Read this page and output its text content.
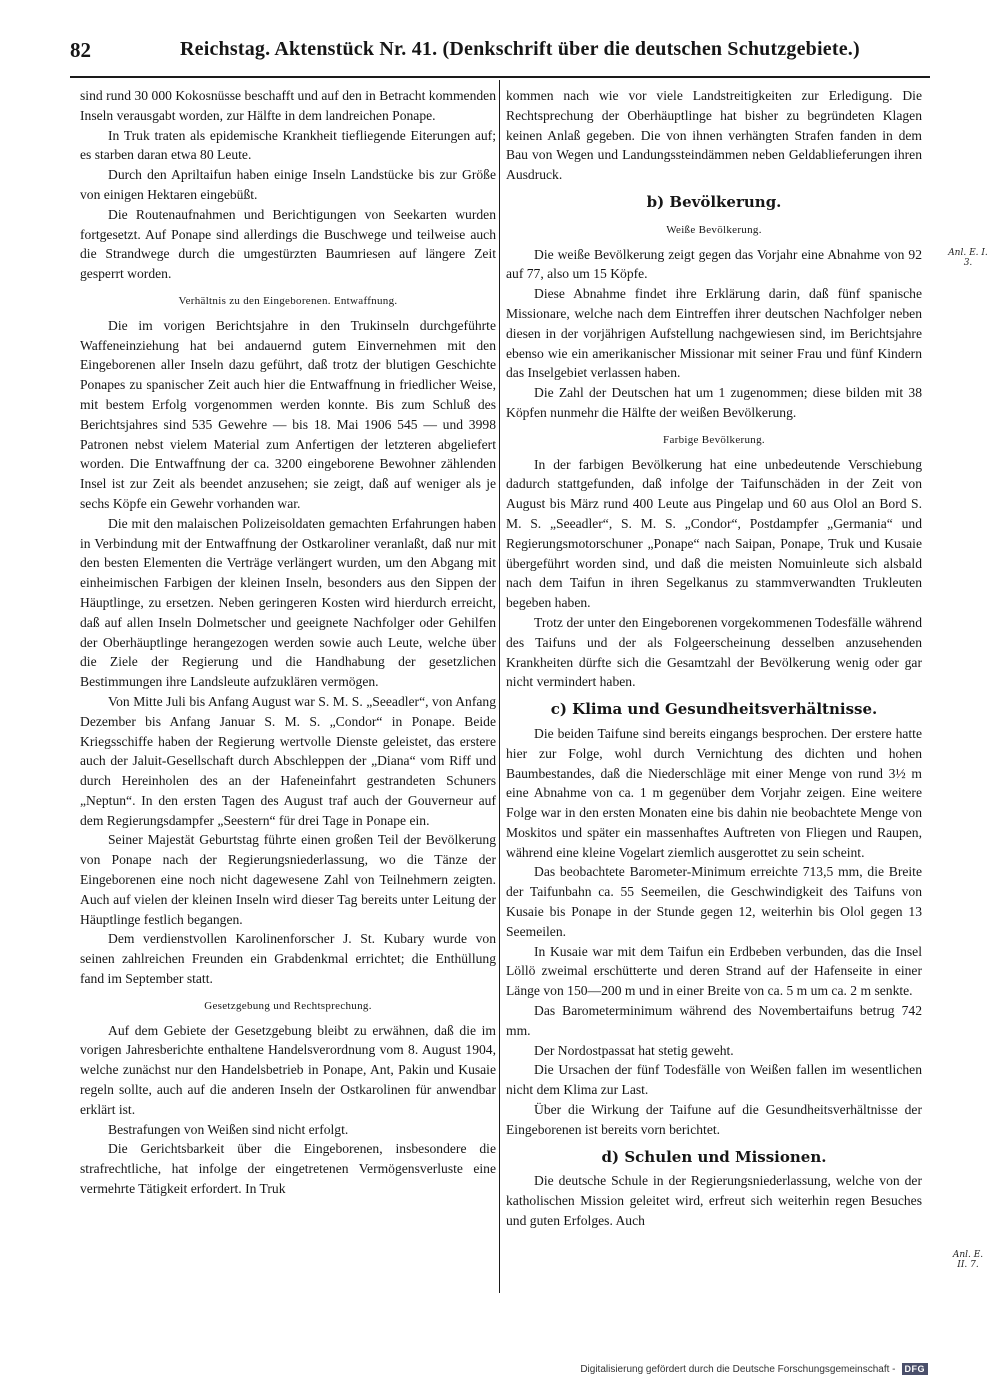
82	Reichstag. Aktenstück Nr. 41. (Denkschrift über die deutschen Schutzgebiete.)

sind rund 30 000 Kokosnüsse beschafft und auf den in Betracht kommenden Inseln verausgabt worden, zur Hälfte in dem landreichen Ponape.

In Truk traten als epidemische Krankheit tiefliegende Eiterungen auf; es starben daran etwa 80 Leute.

Durch den Apriltaifun haben einige Inseln Landstücke bis zur Größe von einigen Hektaren eingebüßt.

Die Routenaufnahmen und Berichtigungen von Seekarten wurden fortgesetzt. Auf Ponape sind allerdings die Buschwege und teilweise auch die Strandwege durch die umgestürzten Baumriesen auf längere Zeit gesperrt worden.

Verhältnis zu den Eingeborenen. Entwaffnung.

Die im vorigen Berichtsjahre in den Trukinseln durchgeführte Waffeneinziehung hat bei andauernd gutem Einvernehmen mit den Eingeborenen aller Inseln dazu geführt, daß trotz der blutigen Geschichte Ponapes zu spanischer Zeit auch hier die Entwaffnung in friedlicher Weise, mit bestem Erfolg vorgenommen werden konnte. Bis zum Schluß des Berichtsjahres sind 535 Gewehre — bis 18. Mai 1906 545 — und 3998 Patronen nebst vielem Material zum Anfertigen der letzteren abgeliefert worden. Die Entwaffnung der ca. 3200 eingeborene Bewohner zählenden Insel ist zur Zeit als beendet anzusehen; sie zeigt, daß auf weniger als je sechs Köpfe ein Gewehr vorhanden war.

Die mit den malaischen Polizeisoldaten gemachten Erfahrungen haben in Verbindung mit der Entwaffnung der Ostkaroliner veranlaßt, daß nur mit den besten Elementen die Verträge verlängert wurden, um den Abgang mit einheimischen Farbigen der kleinen Inseln, besonders aus den Sippen der Häuptlinge, zu ersetzen. Neben geringeren Kosten wird hierdurch erreicht, daß auf allen Inseln Dolmetscher und geeignete Nachfolger oder Gehilfen der Oberhäuptlinge herangezogen werden sowie auch Leute, welche über die Ziele der Regierung und die Handhabung der gesetzlichen Bestimmungen ihre Landsleute aufzuklären vermögen.

Von Mitte Juli bis Anfang August war S. M. S. „Seeadler“, von Anfang Dezember bis Anfang Januar S. M. S. „Condor“ in Ponape. Beide Kriegsschiffe haben der Regierung wertvolle Dienste geleistet, das erstere auch der Jaluit-Gesellschaft durch Abschleppen der „Diana“ vom Riff und durch Hereinholen des an der Hafeneinfahrt gestrandeten Schuners „Neptun“. In den ersten Tagen des August traf auch der Gouverneur auf dem Regierungsdampfer „Seestern“ für drei Tage in Ponape ein.

Seiner Majestät Geburtstag führte einen großen Teil der Bevölkerung von Ponape nach der Regierungsniederlassung, wo die Tänze der Eingeborenen eine noch nicht dagewesene Zahl von Teilnehmern zeigten. Auch auf vielen der kleinen Inseln wird dieser Tag bereits unter Leitung der Häuptlinge festlich begangen.

Dem verdienstvollen Karolinenforscher J. St. Kubary wurde von seinen zahlreichen Freunden ein Grabdenkmal errichtet; die Enthüllung fand im September statt.

Gesetzgebung und Rechtsprechung.

Auf dem Gebiete der Gesetzgebung bleibt zu erwähnen, daß die im vorigen Jahresberichte enthaltene Handelsverordnung vom 8. August 1904, welche zunächst nur den Handelsbetrieb in Ponape, Ant, Pakin und Kusaie regeln sollte, auch auf die anderen Inseln der Ostkarolinen für anwendbar erklärt ist.

Bestrafungen von Weißen sind nicht erfolgt.

Die Gerichtsbarkeit über die Eingeborenen, insbesondere die strafrechtliche, hat infolge der eingetretenen Vermögensverluste eine vermehrte Tätigkeit erfordert. In Truk

kommen nach wie vor viele Landstreitigkeiten zur Erledigung. Die Rechtsprechung der Oberhäuptlinge hat bisher zu begründeten Klagen keinen Anlaß gegeben. Die von ihnen verhängten Strafen fanden in dem Bau von Wegen und Landungssteindämmen neben Geldablieferungen ihren Ausdruck.

b) Bevölkerung.
Weiße Bevölkerung.

Die weiße Bevölkerung zeigt gegen das Vorjahr eine Abnahme von 92 auf 77, also um 15 Köpfe.

Diese Abnahme findet ihre Erklärung darin, daß fünf spanische Missionare, welche nach dem Eintreffen ihrer deutschen Nachfolger neben diesen in der vorjährigen Aufstellung nachgewiesen sind, im Berichtsjahre ebenso wie ein amerikanischer Missionar mit seiner Frau und fünf Kindern das Inselgebiet verlassen haben.

Die Zahl der Deutschen hat um 1 zugenommen; diese bilden mit 38 Köpfen nunmehr die Hälfte der weißen Bevölkerung.

Farbige Bevölkerung.

In der farbigen Bevölkerung hat eine unbedeutende Verschiebung dadurch stattgefunden, daß infolge der Taifunschäden in der Zeit von August bis März rund 400 Leute aus Pingelap und 60 aus Olol an Bord S. M. S. „Seeadler“, S. M. S. „Condor“, Postdampfer „Germania“ und Regierungsmotorschuner „Ponape“ nach Saipan, Ponape, Truk und Kusaie übergeführt worden sind, und daß die meisten Nomuinleute sich alsbald nach dem Taifun in ihren Segelkanus zu stammverwandten Trukleuten begeben haben.

Trotz der unter den Eingeborenen vorgekommenen Todesfälle während des Taifuns und der als Folgeerscheinung desselben anzusehenden Krankheiten dürfte sich die Gesamtzahl der Bevölkerung wenig oder gar nicht vermindert haben.

c) Klima und Gesundheitsverhältnisse.

Die beiden Taifune sind bereits eingangs besprochen. Der erstere hatte hier zur Folge, wohl durch Vernichtung des dichten und hohen Baumbestandes, daß die Niederschläge mit einer Menge von rund 3½ m eine Abnahme von ca. 1 m gegenüber dem Vorjahr zeigen. Eine weitere Folge war in den ersten Monaten eine bis dahin nie beobachtete Menge von Moskitos und später ein massenhaftes Auftreten von Fliegen und Raupen, während eine kleine Vogelart ziemlich ausgerottet zu sein scheint.

Das beobachtete Barometer-Minimum erreichte 713,5 mm, die Breite der Taifunbahn ca. 55 Seemeilen, die Geschwindigkeit des Taifuns von Kusaie bis Ponape in der Stunde gegen 12, weiterhin bis Olol gegen 13 Seemeilen.

In Kusaie war mit dem Taifun ein Erdbeben verbunden, das die Insel Löllö zweimal erschütterte und deren Strand auf der Hafenseite in einer Länge von 150—200 m und in einer Breite von ca. 5 m um ca. 2 m senkte.

Das Barometerminimum während des Novembertaifuns betrug 742 mm.

Der Nordostpassat hat stetig geweht.

Die Ursachen der fünf Todesfälle von Weißen fallen im wesentlichen nicht dem Klima zur Last.

Über die Wirkung der Taifune auf die Gesundheitsverhältnisse der Eingeborenen ist bereits vorn berichtet.

d) Schulen und Missionen.

Die deutsche Schule in der Regierungsniederlassung, welche von der katholischen Mission geleitet wird, erfreut sich weiterhin regen Besuches und guten Erfolges. Auch

Anl. E. I. 3.
Anl. E. II. 7.
Digitalisierung gefördert durch die Deutsche Forschungsgemeinschaft -	DFG
